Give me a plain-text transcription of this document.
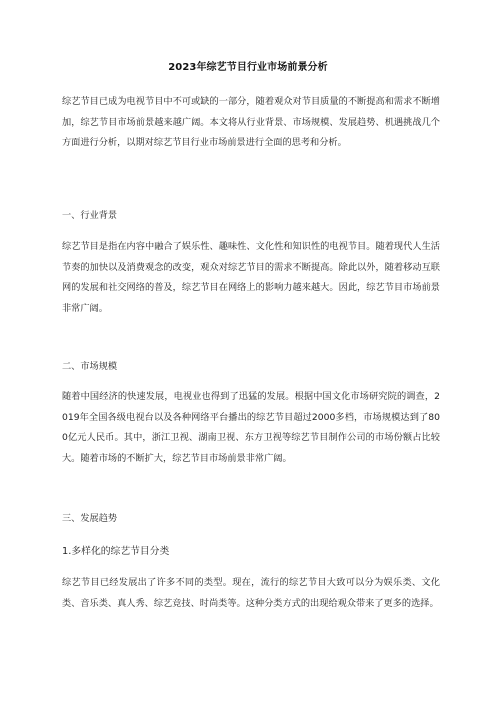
2023年综艺节目行业市场前景分析

综艺节目已成为电视节目中不可或缺的一部分，随着观众对节目质量的不断提高和需求不断增加，综艺节目市场前景越来越广阔。本文将从行业背景、市场规模、发展趋势、机遇挑战几个方面进行分析，以期对综艺节目行业市场前景进行全面的思考和分析。

一、行业背景

综艺节目是指在内容中融合了娱乐性、趣味性、文化性和知识性的电视节目。随着现代人生活节奏的加快以及消费观念的改变，观众对综艺节目的需求不断提高。除此以外，随着移动互联网的发展和社交网络的普及，综艺节目在网络上的影响力越来越大。因此，综艺节目市场前景非常广阔。

二、市场规模

随着中国经济的快速发展，电视业也得到了迅猛的发展。根据中国文化市场研究院的调查，2019年全国各级电视台以及各种网络平台播出的综艺节目超过2000多档，市场规模达到了800亿元人民币。其中，浙江卫视、湖南卫视、东方卫视等综艺节目制作公司的市场份额占比较大。随着市场的不断扩大，综艺节目市场前景非常广阔。

三、发展趋势

1.多样化的综艺节目分类

综艺节目已经发展出了许多不同的类型。现在，流行的综艺节目大致可以分为娱乐类、文化类、音乐类、真人秀、综艺竞技、时尚类等。这种分类方式的出现给观众带来了更多的选择。
